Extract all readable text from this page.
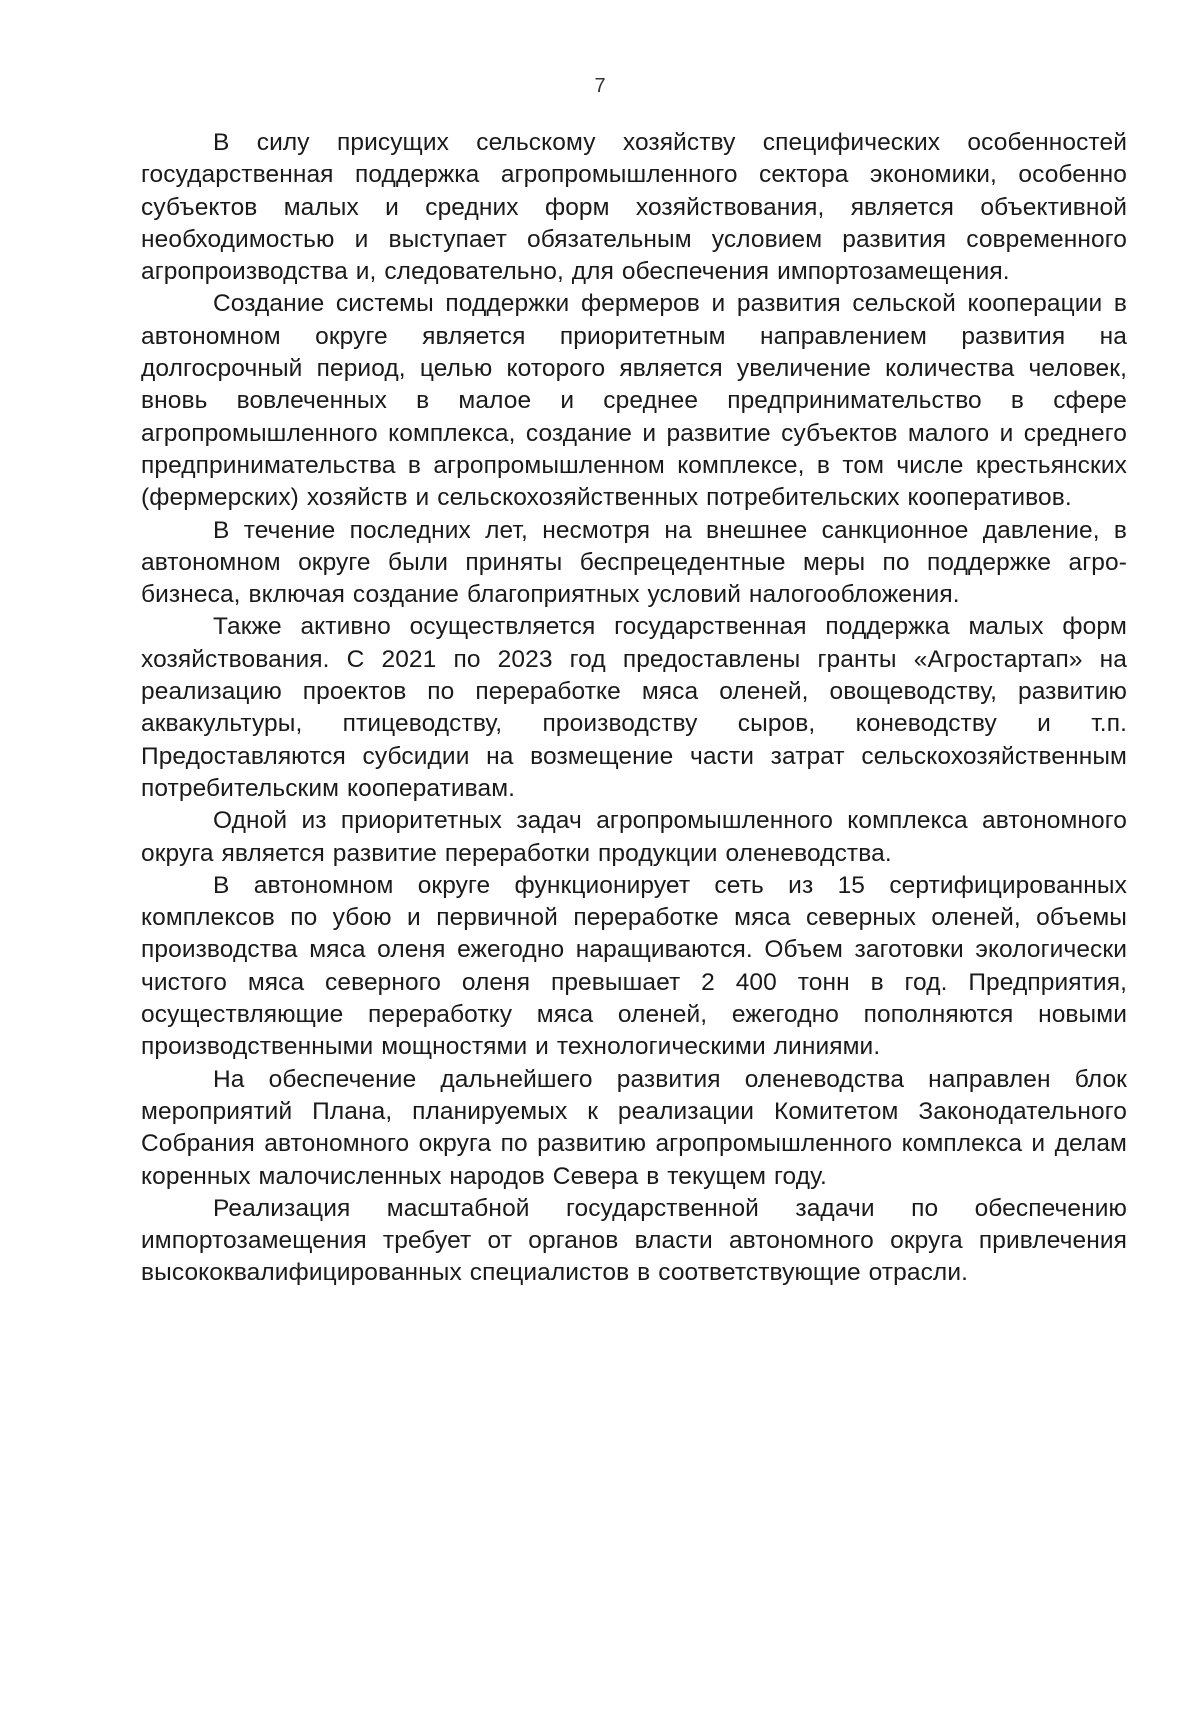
7

В силу присущих сельскому хозяйству специфических особенностей государственная поддержка агропромышленного сектора экономики, особенно субъектов малых и средних форм хозяйствования, является объективной необходимостью и выступает обязательным условием развития современного агропроизводства и, следовательно, для обеспечения импортозамещения.

Создание системы поддержки фермеров и развития сельской кооперации в автономном округе является приоритетным направлением развития на долгосрочный период, целью которого является увеличение количества человек, вновь вовлеченных в малое и среднее предпринимательство в сфере агропромышленного комплекса, создание и развитие субъектов малого и среднего предпринимательства в агропромышленном комплексе, в том числе крестьянских (фермерских) хозяйств и сельскохозяйственных потребительских кооперативов.

В течение последних лет, несмотря на внешнее санкционное давление, в автономном округе были приняты беспрецедентные меры по поддержке агро-бизнеса, включая создание благоприятных условий налогообложения.

Также активно осуществляется государственная поддержка малых форм хозяйствования. С 2021 по 2023 год предоставлены гранты «Агростартап» на реализацию проектов по переработке мяса оленей, овощеводству, развитию аквакультуры, птицеводству, производству сыров, коневодству и т.п. Предоставляются субсидии на возмещение части затрат сельскохозяйственным потребительским кооперативам.

Одной из приоритетных задач агропромышленного комплекса автономного округа является развитие переработки продукции оленеводства.

В автономном округе функционирует сеть из 15 сертифицированных комплексов по убою и первичной переработке мяса северных оленей, объемы производства мяса оленя ежегодно наращиваются. Объем заготовки экологически чистого мяса северного оленя превышает 2 400 тонн в год. Предприятия, осуществляющие переработку мяса оленей, ежегодно пополняются новыми производственными мощностями и технологическими линиями.

На обеспечение дальнейшего развития оленеводства направлен блок мероприятий Плана, планируемых к реализации Комитетом Законодательного Собрания автономного округа по развитию агропромышленного комплекса и делам коренных малочисленных народов Севера в текущем году.

Реализация масштабной государственной задачи по обеспечению импортозамещения требует от органов власти автономного округа привлечения высококвалифицированных специалистов в соответствующие отрасли.
